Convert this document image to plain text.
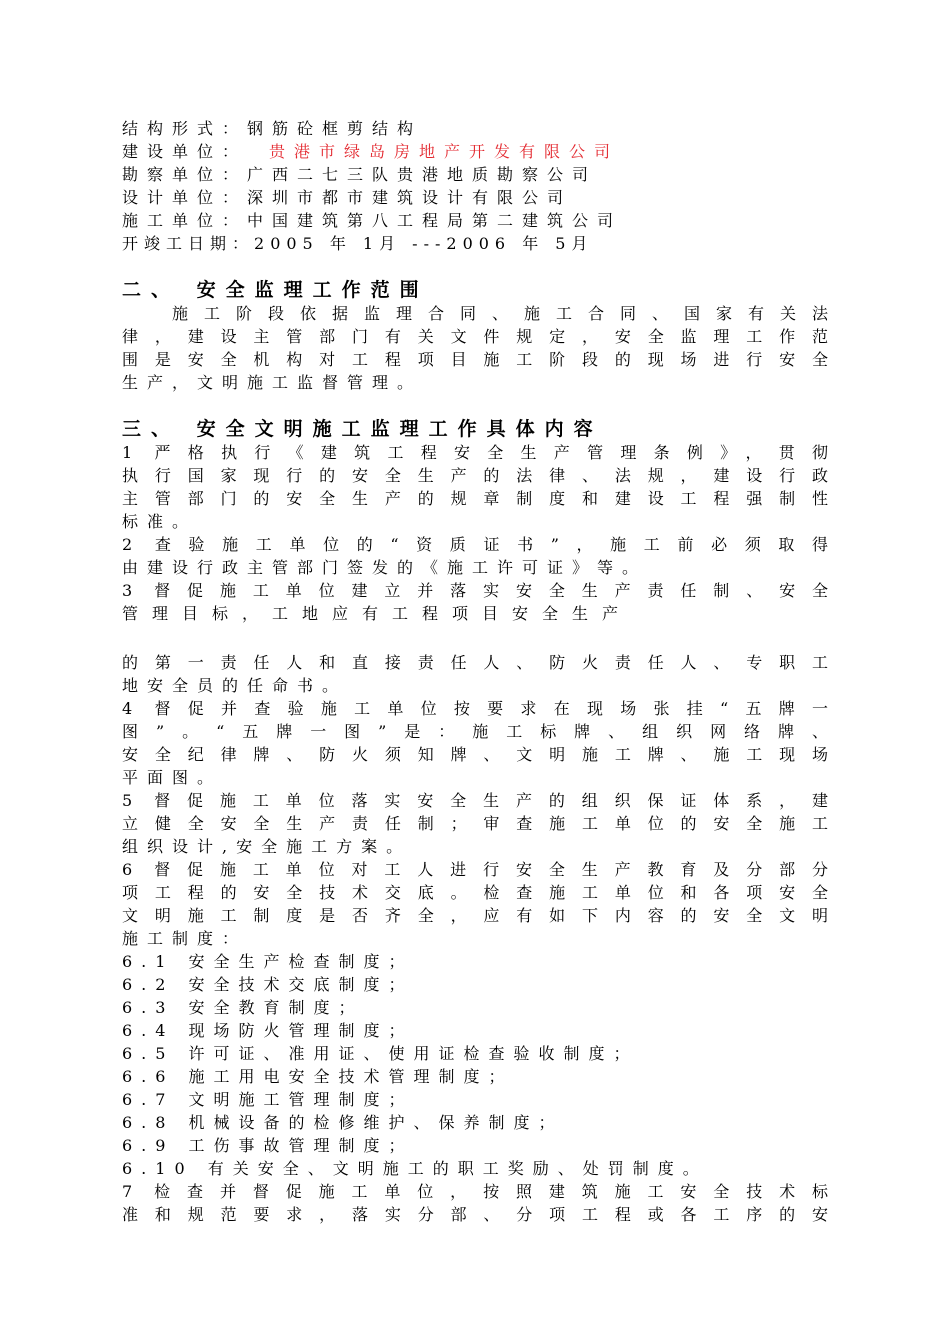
结构形式：钢筋砼框剪结构

建设单位： 贵港市绿岛房地产开发有限公司

勘察单位：广西二七三队贵港地质勘察公司

设计单位：深圳市都市建筑设计有限公司

施工单位：中国建筑第八工程局第二建筑公司

开竣工日期：2005 年 1月 ---2006 年 5月

二、 安全监理工作范围

施工阶段依据监理合同、施工合同、国家有关法

律，建设主管部门有关文件规定，安全监理工作范

围是安全机构对工程项目施工阶段的现场进行安全

生产，文明施工监督管理。

三、 安全文明施工监理工作具体内容

1 严格执行《建筑工程安全生产管理条例》，贯彻

执行国家现行的安全生产的法律、法规，建设行政

主管部门的安全生产的规章制度和建设工程强制性

标准。

2 查验施工单位的“资质证书”，施工前必须取得

由建设行政主管部门签发的《施工许可证》等。

3 督促施工单位建立并落实安全生产责任制、安全

管理目标，工地应有工程项目安全生产

的第一责任人和直接责任人、防火责任人、专职工

地安全员的任命书。

4 督促并查验施工单位按要求在现场张挂“五牌一

图”。“五牌一图”是：施工标牌、组织网络牌、

安全纪律牌、防火须知牌、文明施工牌、施工现场

平面图。

5 督促施工单位落实安全生产的组织保证体系，建

立健全安全生产责任制；审查施工单位的安全施工

组织设计,安全施工方案。

6 督促施工单位对工人进行安全生产教育及分部分

项工程的安全技术交底。检查施工单位和各项安全

文明施工制度是否齐全，应有如下内容的安全文明

施工制度：

6.1 安全生产检查制度；

6.2 安全技术交底制度；

6.3 安全教育制度；

6.4 现场防火管理制度；

6.5 许可证、准用证、使用证检查验收制度；

6.6 施工用电安全技术管理制度；

6.7 文明施工管理制度；

6.8 机械设备的检修维护、保养制度；

6.9 工伤事故管理制度；

6.10 有关安全、文明施工的职工奖励、处罚制度。

7 检查并督促施工单位，按照建筑施工安全技术标

准和规范要求，落实分部、分项工程或各工序的安
